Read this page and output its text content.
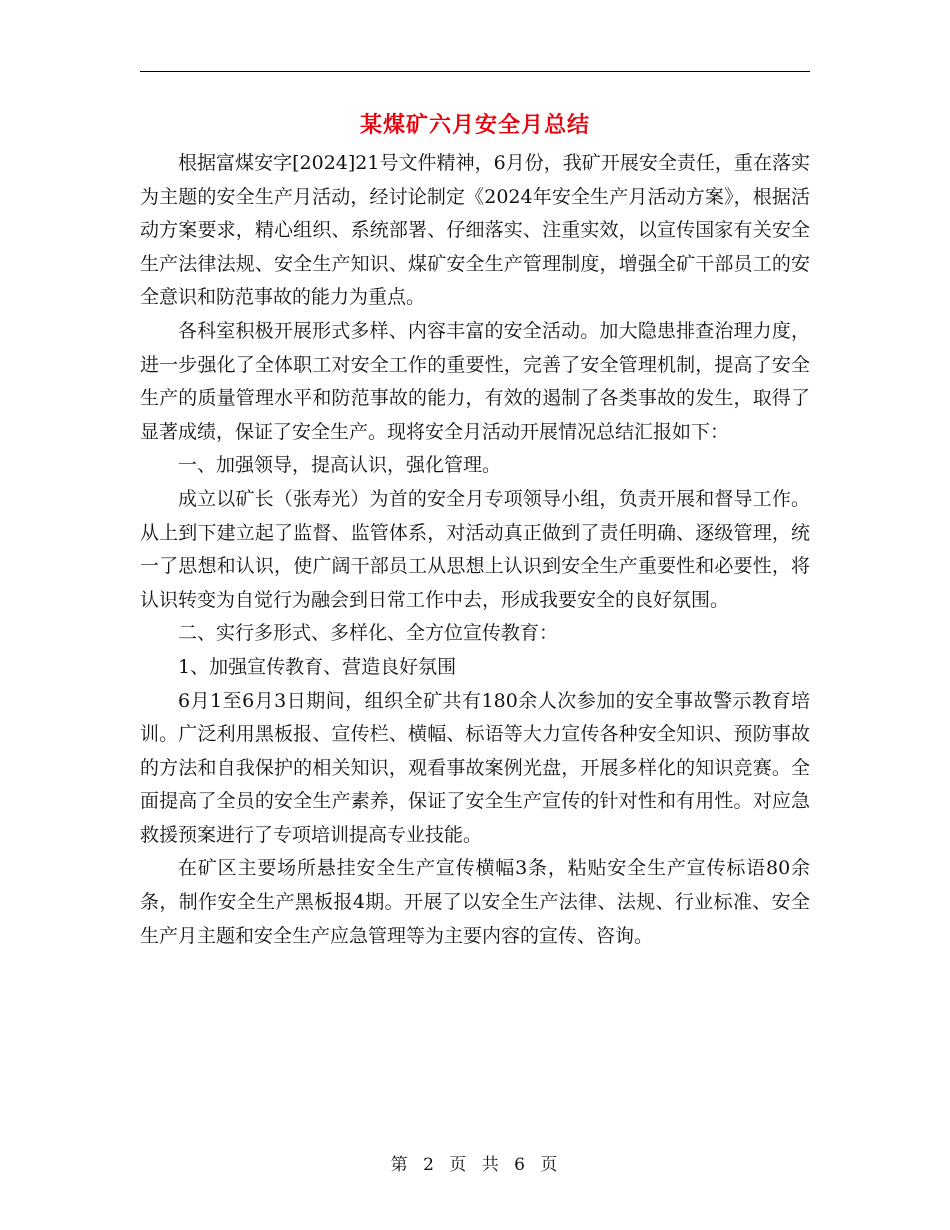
某煤矿六月安全月总结

根据富煤安字[2024]21号文件精神，6月份，我矿开展安全责任，重在落实为主题的安全生产月活动，经讨论制定《2024年安全生产月活动方案》，根据活动方案要求，精心组织、系统部署、仔细落实、注重实效，以宣传国家有关安全生产法律法规、安全生产知识、煤矿安全生产管理制度，增强全矿干部员工的安全意识和防范事故的能力为重点。

各科室积极开展形式多样、内容丰富的安全活动。加大隐患排查治理力度，进一步强化了全体职工对安全工作的重要性，完善了安全管理机制，提高了安全生产的质量管理水平和防范事故的能力，有效的遏制了各类事故的发生，取得了显著成绩，保证了安全生产。现将安全月活动开展情况总结汇报如下：

一、加强领导，提高认识，强化管理。

成立以矿长（张寿光）为首的安全月专项领导小组，负责开展和督导工作。从上到下建立起了监督、监管体系，对活动真正做到了责任明确、逐级管理，统一了思想和认识，使广阔干部员工从思想上认识到安全生产重要性和必要性，将认识转变为自觉行为融会到日常工作中去，形成我要安全的良好氛围。

二、实行多形式、多样化、全方位宣传教育：

1、加强宣传教育、营造良好氛围

6月1至6月3日期间，组织全矿共有180余人次参加的安全事故警示教育培训。广泛利用黑板报、宣传栏、横幅、标语等大力宣传各种安全知识、预防事故的方法和自我保护的相关知识，观看事故案例光盘，开展多样化的知识竞赛。全面提高了全员的安全生产素养，保证了安全生产宣传的针对性和有用性。对应急救援预案进行了专项培训提高专业技能。

在矿区主要场所悬挂安全生产宣传横幅3条，粘贴安全生产宣传标语80余条，制作安全生产黑板报4期。开展了以安全生产法律、法规、行业标准、安全生产月主题和安全生产应急管理等为主要内容的宣传、咨询。

第 2 页 共 6 页
